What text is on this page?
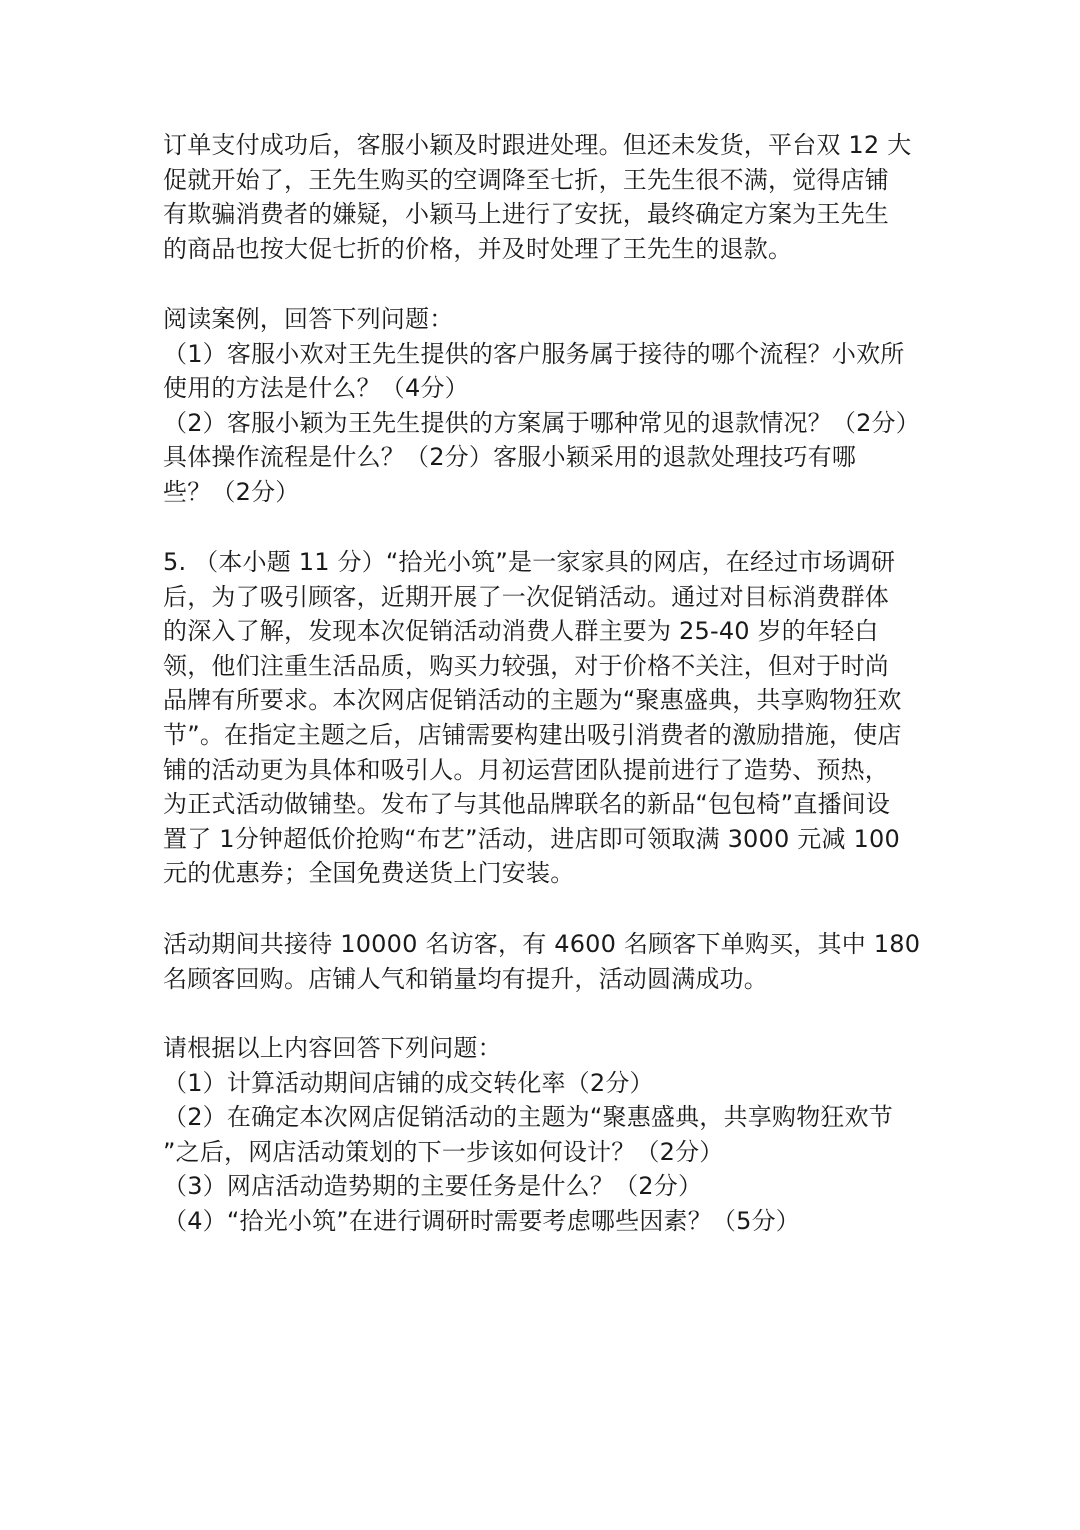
订单支付成功后，客服小颖及时跟进处理。但还未发货，平台双 12 大
促就开始了，王先生购买的空调降至七折，王先生很不满，觉得店铺
有欺骗消费者的嫌疑，小颖马上进行了安抚，最终确定方案为王先生
的商品也按大促七折的价格，并及时处理了王先生的退款。
阅读案例，回答下列问题：
（1）客服小欢对王先生提供的客户服务属于接待的哪个流程？小欢所
使用的方法是什么？（4分）
（2）客服小颖为王先生提供的方案属于哪种常见的退款情况？（2分）
具体操作流程是什么？（2分）客服小颖采用的退款处理技巧有哪
些？（2分）
5. （本小题 11 分）“拾光小筑”是一家家具的网店，在经过市场调研
后，为了吸引顾客，近期开展了一次促销活动。通过对目标消费群体
的深入了解，发现本次促销活动消费人群主要为 25-40 岁的年轻白
领，他们注重生活品质，购买力较强，对于价格不关注，但对于时尚
品牌有所要求。本次网店促销活动的主题为“聚惠盛典，共享购物狂欢
节”。在指定主题之后，店铺需要构建出吸引消费者的激励措施，使店
铺的活动更为具体和吸引人。月初运营团队提前进行了造势、预热，
为正式活动做铺垫。发布了与其他品牌联名的新品“包包椅”直播间设
置了 1分钟超低价抢购“布艺”活动，进店即可领取满 3000 元减 100
元的优惠券；全国免费送货上门安装。
活动期间共接待 10000 名访客，有 4600 名顾客下单购买，其中 180
名顾客回购。店铺人气和销量均有提升，活动圆满成功。
请根据以上内容回答下列问题：
（1）计算活动期间店铺的成交转化率（2分）
（2）在确定本次网店促销活动的主题为“聚惠盛典，共享购物狂欢节
”之后，网店活动策划的下一步该如何设计？（2分）
（3）网店活动造势期的主要任务是什么？（2分）
（4）“拾光小筑”在进行调研时需要考虑哪些因素？（5分）
